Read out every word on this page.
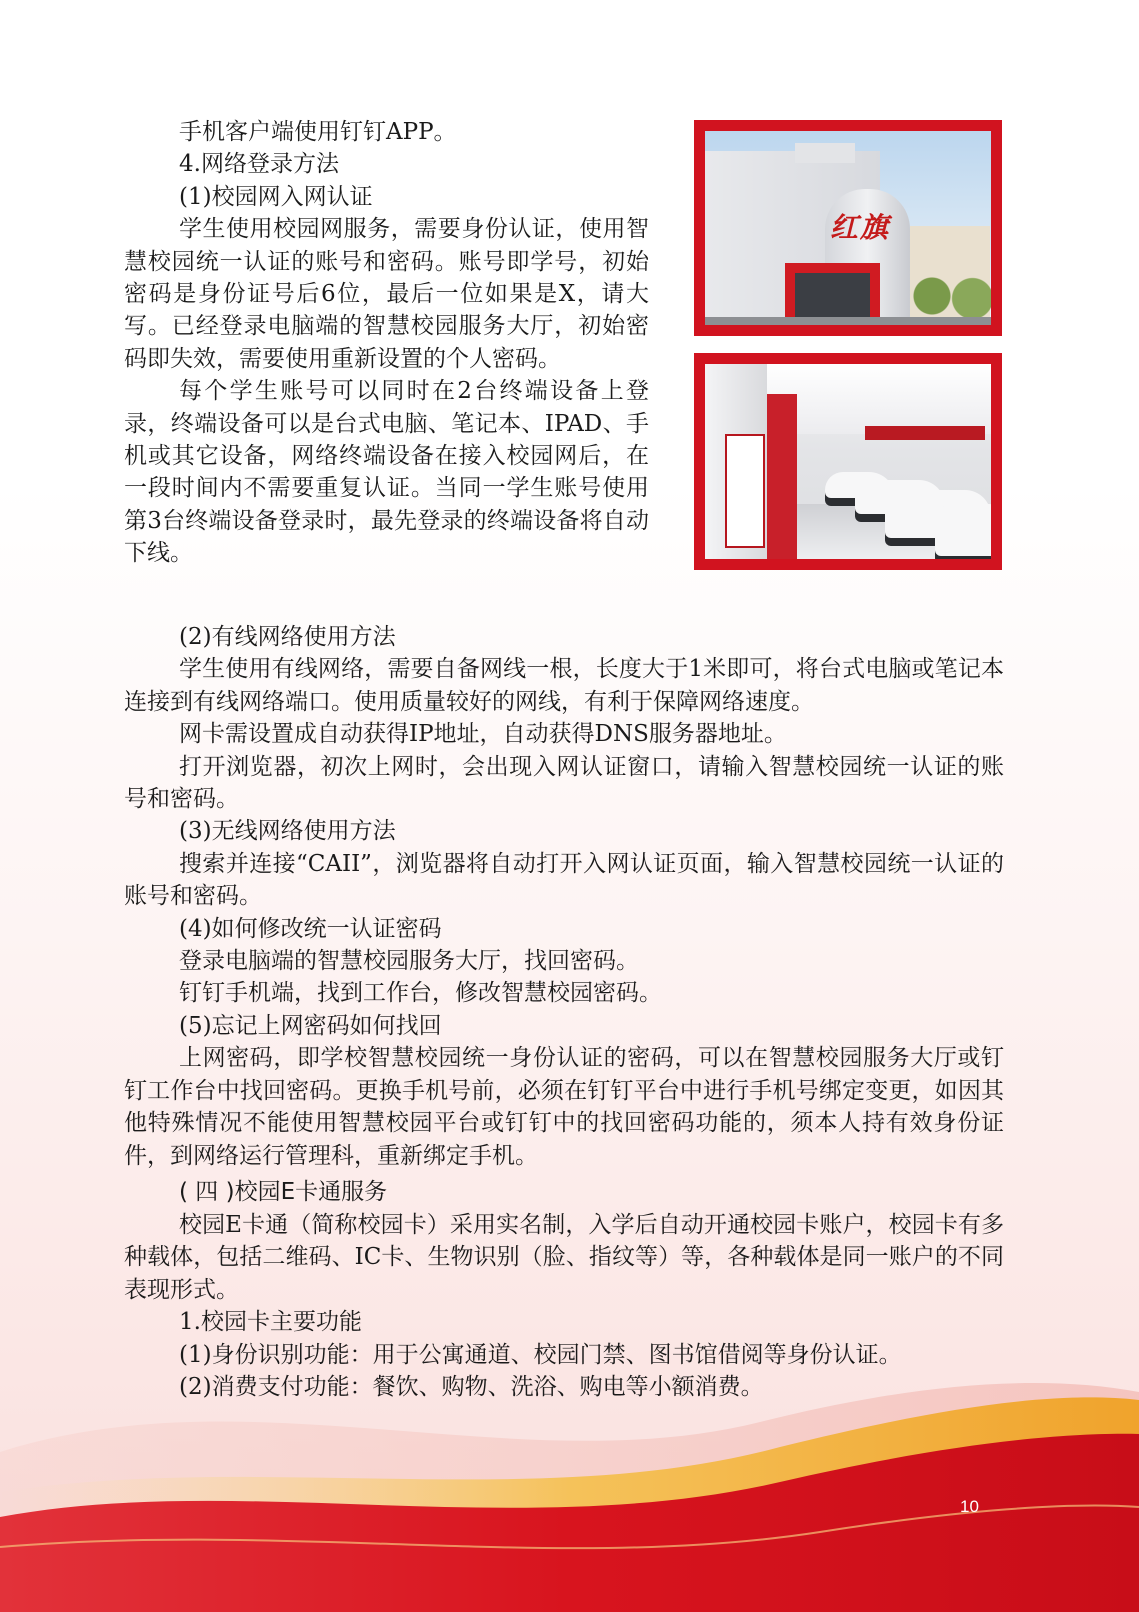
手机客户端使用钉钉APP。

4.网络登录方法

(1)校园网入网认证

学生使用校园网服务，需要身份认证，使用智慧校园统一认证的账号和密码。账号即学号，初始密码是身份证号后6位，最后一位如果是X，请大写。已经登录电脑端的智慧校园服务大厅，初始密码即失效，需要使用重新设置的个人密码。

每个学生账号可以同时在2台终端设备上登录，终端设备可以是台式电脑、笔记本、IPAD、手机或其它设备，网络终端设备在接入校园网后，在一段时间内不需要重复认证。当同一学生账号使用第3台终端设备登录时，最先登录的终端设备将自动下线。

红旗

(2)有线网络使用方法

学生使用有线网络，需要自备网线一根，长度大于1米即可，将台式电脑或笔记本连接到有线网络端口。使用质量较好的网线，有利于保障网络速度。

网卡需设置成自动获得IP地址，自动获得DNS服务器地址。

打开浏览器，初次上网时，会出现入网认证窗口，请输入智慧校园统一认证的账号和密码。

(3)无线网络使用方法

搜索并连接“CAII”，浏览器将自动打开入网认证页面，输入智慧校园统一认证的账号和密码。

(4)如何修改统一认证密码

登录电脑端的智慧校园服务大厅，找回密码。

钉钉手机端，找到工作台，修改智慧校园密码。

(5)忘记上网密码如何找回

上网密码，即学校智慧校园统一身份认证的密码，可以在智慧校园服务大厅或钉钉工作台中找回密码。更换手机号前，必须在钉钉平台中进行手机号绑定变更，如因其他特殊情况不能使用智慧校园平台或钉钉中的找回密码功能的，须本人持有效身份证件，到网络运行管理科，重新绑定手机。

( 四 )校园E卡通服务

校园E卡通（简称校园卡）采用实名制，入学后自动开通校园卡账户，校园卡有多种载体，包括二维码、IC卡、生物识别（脸、指纹等）等，各种载体是同一账户的不同表现形式。

1.校园卡主要功能

(1)身份识别功能：用于公寓通道、校园门禁、图书馆借阅等身份认证。

(2)消费支付功能：餐饮、购物、洗浴、购电等小额消费。

10
